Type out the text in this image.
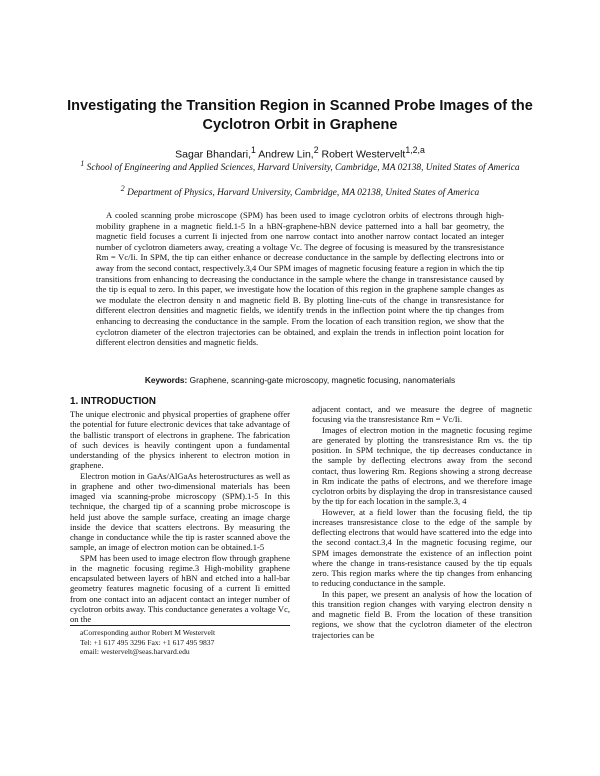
Investigating the Transition Region in Scanned Probe Images of the Cyclotron Orbit in Graphene
Sagar Bhandari,$^1$ Andrew Lin,$^2$ Robert Westervelt$^{1,2,a}$
$^1$ School of Engineering and Applied Sciences, Harvard University, Cambridge, MA 02138, United States of America
$^2$ Department of Physics, Harvard University, Cambridge, MA 02138, United States of America

A cooled scanning probe microscope (SPM) has been used to image cyclotron orbits of electrons through high-mobility graphene in a magnetic field.1-5 In a hBN-graphene-hBN device patterned into a hall bar geometry, the magnetic field focuses a current Ii injected from one narrow contact into another narrow contact located an integer number of cyclotron diameters away, creating a voltage Vc. The degree of focusing is measured by the transresistance Rm = Vc/Ii. In SPM, the tip can either enhance or decrease conductance in the sample by deflecting electrons into or away from the second contact, respectively.3,4 Our SPM images of magnetic focusing feature a region in which the tip transitions from enhancing to decreasing the conductance in the sample where the change in transresistance caused by the tip is equal to zero. In this paper, we investigate how the location of this region in the graphene sample changes as we modulate the electron density n and magnetic field B. By plotting line-cuts of the change in transresistance for different electron densities and magnetic fields, we identify trends in the inflection point where the tip changes from enhancing to decreasing the conductance in the sample. From the location of each transition region, we show that the cyclotron diameter of the electron trajectories can be obtained, and explain the trends in inflection point location for different electron densities and magnetic fields.

Keywords: Graphene, scanning-gate microscopy, magnetic focusing, nanomaterials
1. INTRODUCTION

The unique electronic and physical properties of graphene offer the potential for future electronic devices that take advantage of the ballistic transport of electrons in graphene. The fabrication of such devices is heavily contingent upon a fundamental understanding of the physics inherent to electron motion in graphene.

Electron motion in GaAs/AlGaAs heterostructures as well as in graphene and other two-dimensional materials has been imaged via scanning-probe microscopy (SPM).1-5 In this technique, the charged tip of a scanning probe microscope is held just above the sample surface, creating an image charge inside the device that scatters electrons. By measuring the change in conductance while the tip is raster scanned above the sample, an image of electron motion can be obtained.1-5

SPM has been used to image electron flow through graphene in the magnetic focusing regime.3 High-mobility graphene encapsulated between layers of hBN and etched into a hall-bar geometry features magnetic focusing of a current Ii emitted from one contact into an adjacent contact an integer number of cyclotron orbits away. This conductance generates a voltage Vc, on the

aCorresponding author Robert M Westervelt

Tel: +1 617 495 3296 Fax: +1 617 495 9837

email: westervelt@seas.harvard.edu

adjacent contact, and we measure the degree of magnetic focusing via the transresistance Rm = Vc/Ii.

Images of electron motion in the magnetic focusing regime are generated by plotting the transresistance Rm vs. the tip position. In SPM technique, the tip decreases conductance in the sample by deflecting electrons away from the second contact, thus lowering Rm. Regions showing a strong decrease in Rm indicate the paths of electrons, and we therefore image cyclotron orbits by displaying the drop in transresistance caused by the tip for each location in the sample.3, 4

However, at a field lower than the focusing field, the tip increases transresistance close to the edge of the sample by deflecting electrons that would have scattered into the edge into the second contact.3,4 In the magnetic focusing regime, our SPM images demonstrate the existence of an inflection point where the change in trans-resistance caused by the tip equals zero. This region marks where the tip changes from enhancing to reducing conductance in the sample.

In this paper, we present an analysis of how the location of this transition region changes with varying electron density n and magnetic field B. From the location of these transition regions, we show that the cyclotron diameter of the electron trajectories can be
